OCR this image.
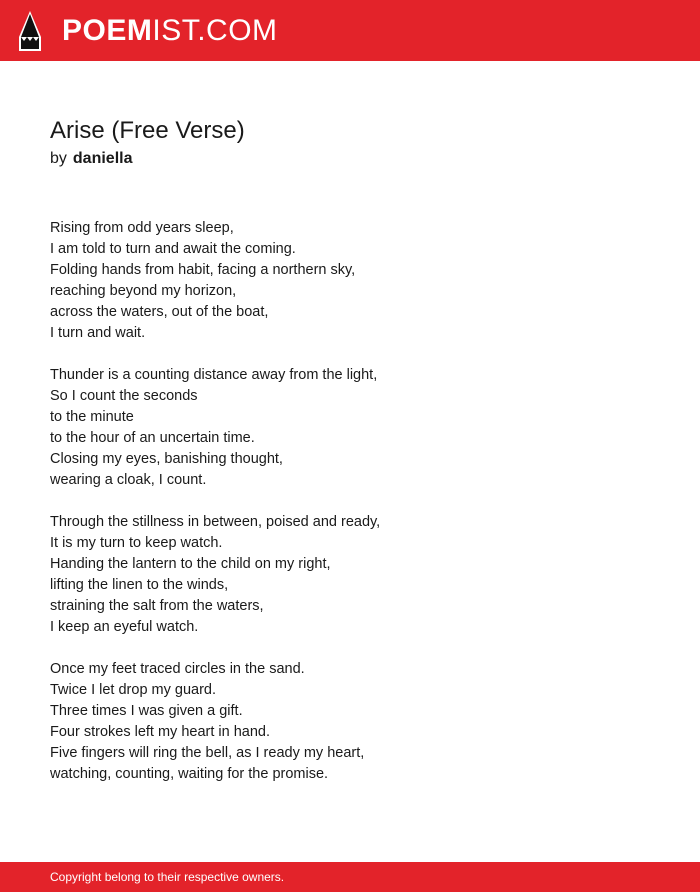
POEMIST.COM
Arise (Free Verse)
by daniella
Rising from odd years sleep,
I am told to turn and await the coming.
Folding hands from habit, facing a northern sky,
reaching beyond my horizon,
across the waters, out of the boat,
I turn and wait.
Thunder is a counting distance away from the light,
So I count the seconds
to the minute
to the hour of an uncertain time.
Closing my eyes, banishing thought,
wearing a cloak, I count.
Through the stillness in between, poised and ready,
It is my turn to keep watch.
Handing the lantern to the child on my right,
lifting the linen to the winds,
straining the salt from the waters,
I keep an eyeful watch.
Once my feet traced circles in the sand.
Twice I let drop my guard.
Three times I was given a gift.
Four strokes left my heart in hand.
Five fingers will ring the bell, as I ready my heart,
watching, counting, waiting for the promise.
Copyright belong to their respective owners.
